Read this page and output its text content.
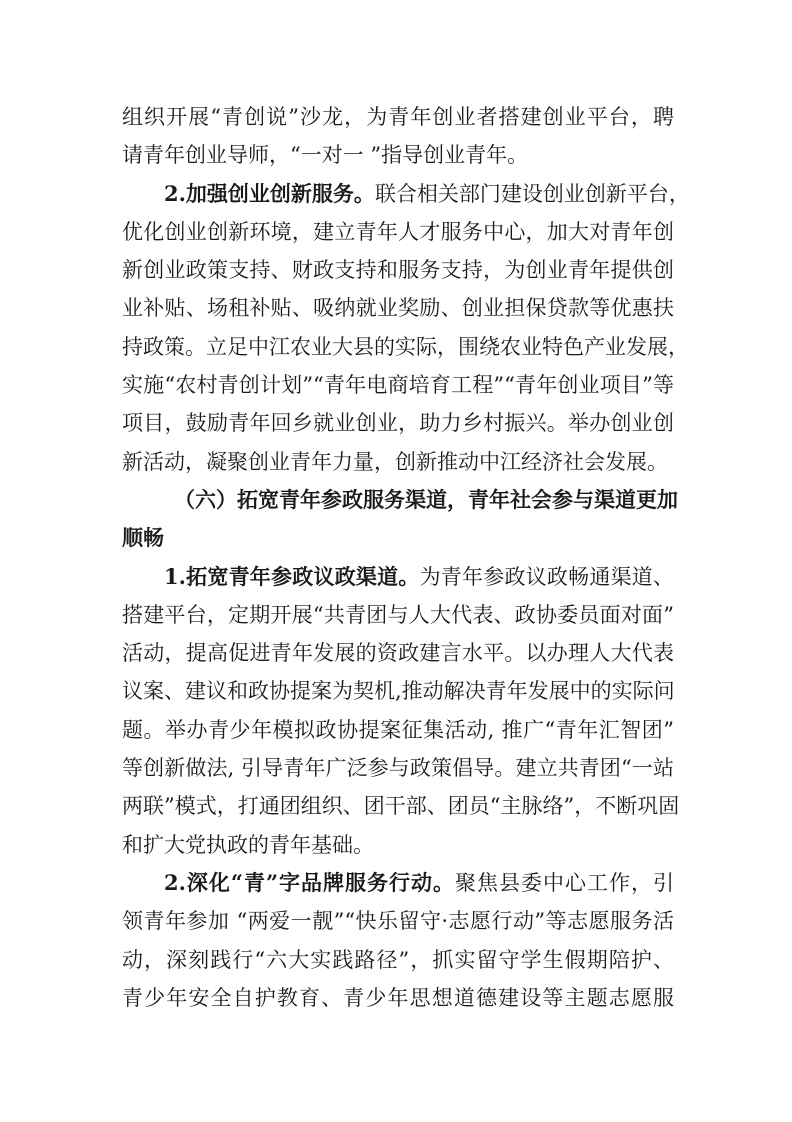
组织开展“青创说”沙龙，为青年创业者搭建创业平台，聘
请青年创业导师，“一对一 ”指导创业青年。
2.加强创业创新服务。联合相关部门建设创业创新平台，
优化创业创新环境，建立青年人才服务中心，加大对青年创
新创业政策支持、财政支持和服务支持，为创业青年提供创
业补贴、场租补贴、吸纳就业奖励、创业担保贷款等优惠扶
持政策。立足中江农业大县的实际，围绕农业特色产业发展，
实施“农村青创计划”“青年电商培育工程”“青年创业项目”等
项目，鼓励青年回乡就业创业，助力乡村振兴。举办创业创
新活动，凝聚创业青年力量，创新推动中江经济社会发展。
（六）拓宽青年参政服务渠道，青年社会参与渠道更加
顺畅
1.拓宽青年参政议政渠道。为青年参政议政畅通渠道、
搭建平台，定期开展“共青团与人大代表、政协委员面对面”
活动，提高促进青年发展的资政建言水平。以办理人大代表
议案、建议和政协提案为契机,推动解决青年发展中的实际问
题。举办青少年模拟政协提案征集活动, 推广“青年汇智团”
等创新做法, 引导青年广泛参与政策倡导。建立共青团“一站
两联”模式，打通团组织、团干部、团员“主脉络”，不断巩固
和扩大党执政的青年基础。
2.深化“青”字品牌服务行动。聚焦县委中心工作，引
领青年参加 “两爱一靓”“快乐留守·志愿行动”等志愿服务活
动，深刻践行“六大实践路径”，抓实留守学生假期陪护、
青少年安全自护教育、青少年思想道德建设等主题志愿服
